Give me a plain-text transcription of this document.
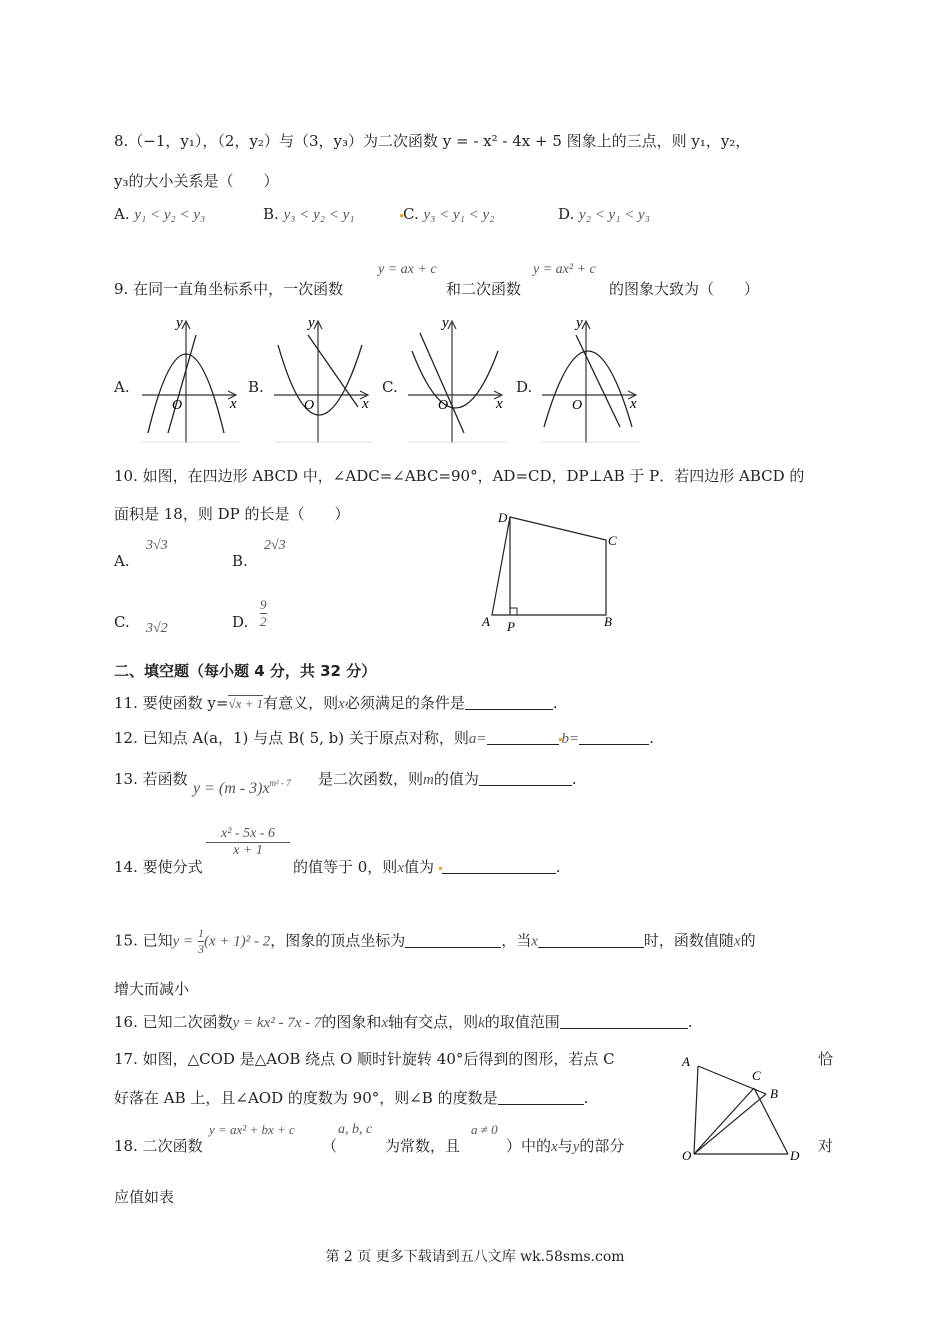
8.（−1，y₁），（2，y₂）与（3，y₃）为二次函数 y = - x² - 4x + 5 图象上的三点，则 y₁，y₂，
y₃的大小关系是（　　）
A. y₁ < y₂ < y₃	B. y₃ < y₂ < y₁	C. y₃ < y₁ < y₂	D. y₂ < y₁ < y₃
9. 在同一直角坐标系中，一次函数
y = ax + c
和二次函数
y = ax² + c
的图象大致为（　　）
A.	B.	C.	D.
y
x
O
y
x
O
y
x
O
y
x
O
10. 如图，在四边形 ABCD 中，∠ADC=∠ABC=90°，AD=CD，DP⊥AB 于 P．若四边形 ABCD 的
面积是 18，则 DP 的长是（　　）
A.
3√3
B.
2√3
C. 3√2	D. $\frac{9}{2}$
D
C
A P	B
二、填空题（每小题 4 分，共 32 分）
11. 要使函数 y=√x + 1有意义，则x必须满足的条件是	.
12. 已知点 A(a，1) 与点 B( 5, b) 关于原点对称，则a=	b=	.
13. 若函数
$y = (m - 3)x^{m^2 - 7}$ 是二次函数，则m的值为	.
14. 要使分式
$\frac{\text{x² - 5x - 6}}{x + 1}$
的值等于 0，则x值为	.
15. 已知$y = \frac{1}{3} (x + 1)^2 - 2$，图象的顶点坐标为	，当x	时，函数值随x的
增大而减小
16. 已知二次函数y = kx² - 7x - 7的图象和x轴有交点，则k的取值范围	.
17. 如图，△COD 是△AOB 绕点 O 顺时针旋转 40°后得到的图形，若点 C	恰
好落在 AB 上，且∠AOD 的度数为 90°，则∠B 的度数是	.
A
C
B
O	D
18. 二次函数
y = ax² + bx + c
（
a, b, c
为常数，且
a ≠ 0
）中的x与y的部分	对
应值如表
第 2 页 更多下载请到五八文库 wk.58sms.com
